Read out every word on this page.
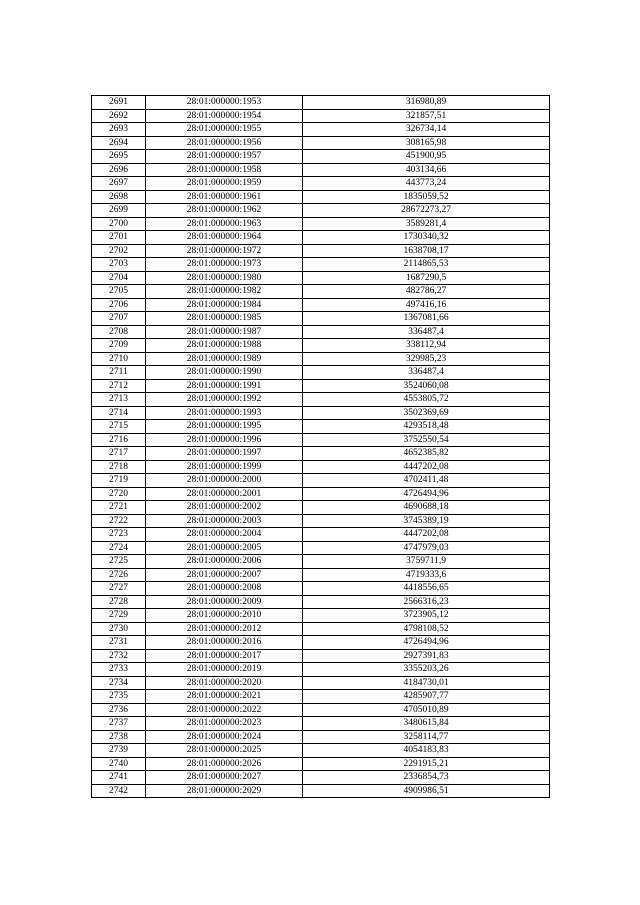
2691	28:01:000000:1953	316980,89
2692	28:01:000000:1954	321857,51
2693	28:01:000000:1955	326734,14
2694	28:01:000000:1956	308165,98
2695	28:01:000000:1957	451900,95
2696	28:01:000000:1958	403134,66
2697	28:01:000000:1959	443773,24
2698	28:01:000000:1961	1835059,52
2699	28:01:000000:1962	28672273,27
2700	28:01:000000:1963	3589281,4
2701	28:01:000000:1964	1730340,32
2702	28:01:000000:1972	1638708,17
2703	28:01:000000:1973	2114865,53
2704	28:01:000000:1980	1687290,5
2705	28:01:000000:1982	482786,27
2706	28:01:000000:1984	497416,16
2707	28:01:000000:1985	1367081,66
2708	28:01:000000:1987	336487,4
2709	28:01:000000:1988	338112,94
2710	28:01:000000:1989	329985,23
2711	28:01:000000:1990	336487,4
2712	28:01:000000:1991	3524060,08
2713	28:01:000000:1992	4553805,72
2714	28:01:000000:1993	3502369,69
2715	28:01:000000:1995	4293518,48
2716	28:01:000000:1996	3752550,54
2717	28:01:000000:1997	4652385,82
2718	28:01:000000:1999	4447202,08
2719	28:01:000000:2000	4702411,48
2720	28:01:000000:2001	4726494,96
2721	28:01:000000:2002	4690688,18
2722	28:01:000000:2003	3745389,19
2723	28:01:000000:2004	4447202,08
2724	28:01:000000:2005	4747979,03
2725	28:01:000000:2006	3759711,9
2726	28:01:000000:2007	4719333,6
2727	28:01:000000:2008	4418556,65
2728	28:01:000000:2009	2566316,23
2729	28:01:000000:2010	3723905,12
2730	28:01:000000:2012	4798108,52
2731	28:01:000000:2016	4726494,96
2732	28:01:000000:2017	2927391,83
2733	28:01:000000:2019	3355203,26
2734	28:01:000000:2020	4184730,01
2735	28:01:000000:2021	4285907,77
2736	28:01:000000:2022	4705010,89
2737	28:01:000000:2023	3480615,84
2738	28:01:000000:2024	3258114,77
2739	28:01:000000:2025	4054183,83
2740	28:01:000000:2026	2291915,21
2741	28:01:000000:2027	2336854,73
2742	28:01:000000:2029	4909986,51
